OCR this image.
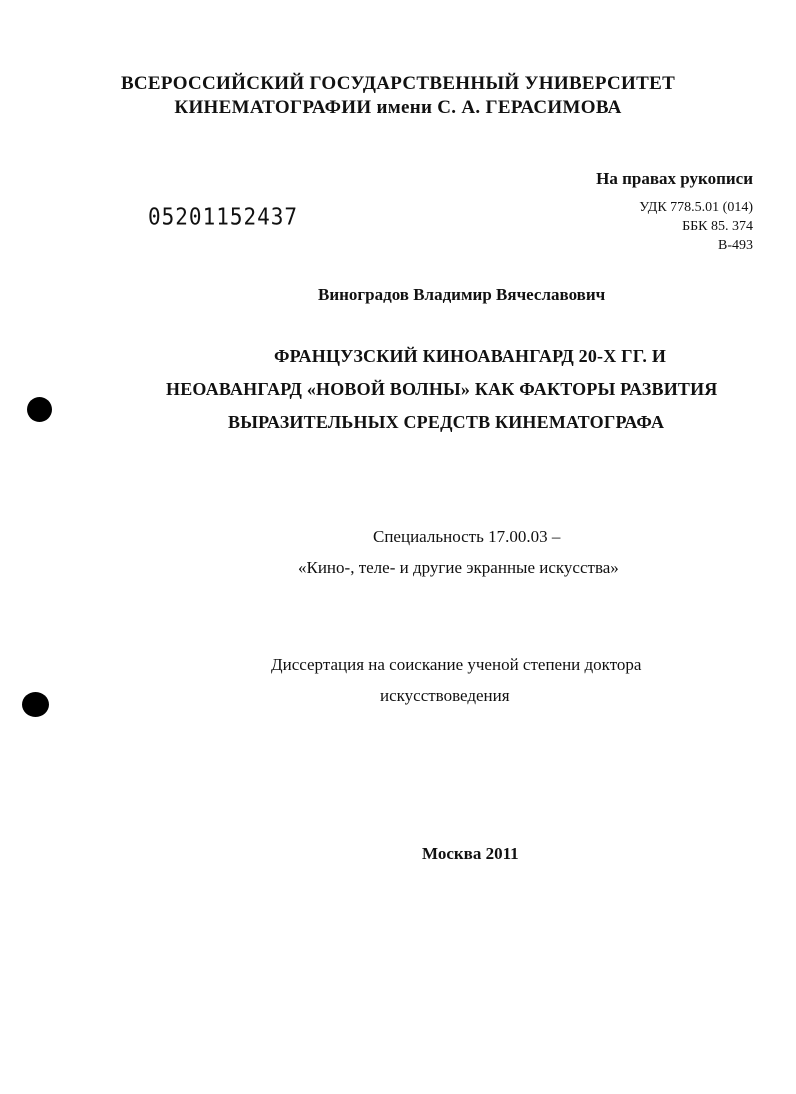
ВСЕРОССИЙСКИЙ ГОСУДАРСТВЕННЫЙ УНИВЕРСИТЕТ
КИНЕМАТОГРАФИИ имени С. А. ГЕРАСИМОВА
На правах рукописи
05201152437	УДК 778.5.01 (014)
ББК 85. 374
В-493
Виноградов Владимир Вячеславович
ФРАНЦУЗСКИЙ КИНОАВАНГАРД 20-Х ГГ. И
НЕОАВАНГАРД «НОВОЙ ВОЛНЫ» КАК ФАКТОРЫ РАЗВИТИЯ
ВЫРАЗИТЕЛЬНЫХ СРЕДСТВ КИНЕМАТОГРАФА
Специальность 17.00.03 –
«Кино-, теле- и другие экранные искусства»
Диссертация на соискание ученой степени доктора
искусствоведения
Москва 2011
